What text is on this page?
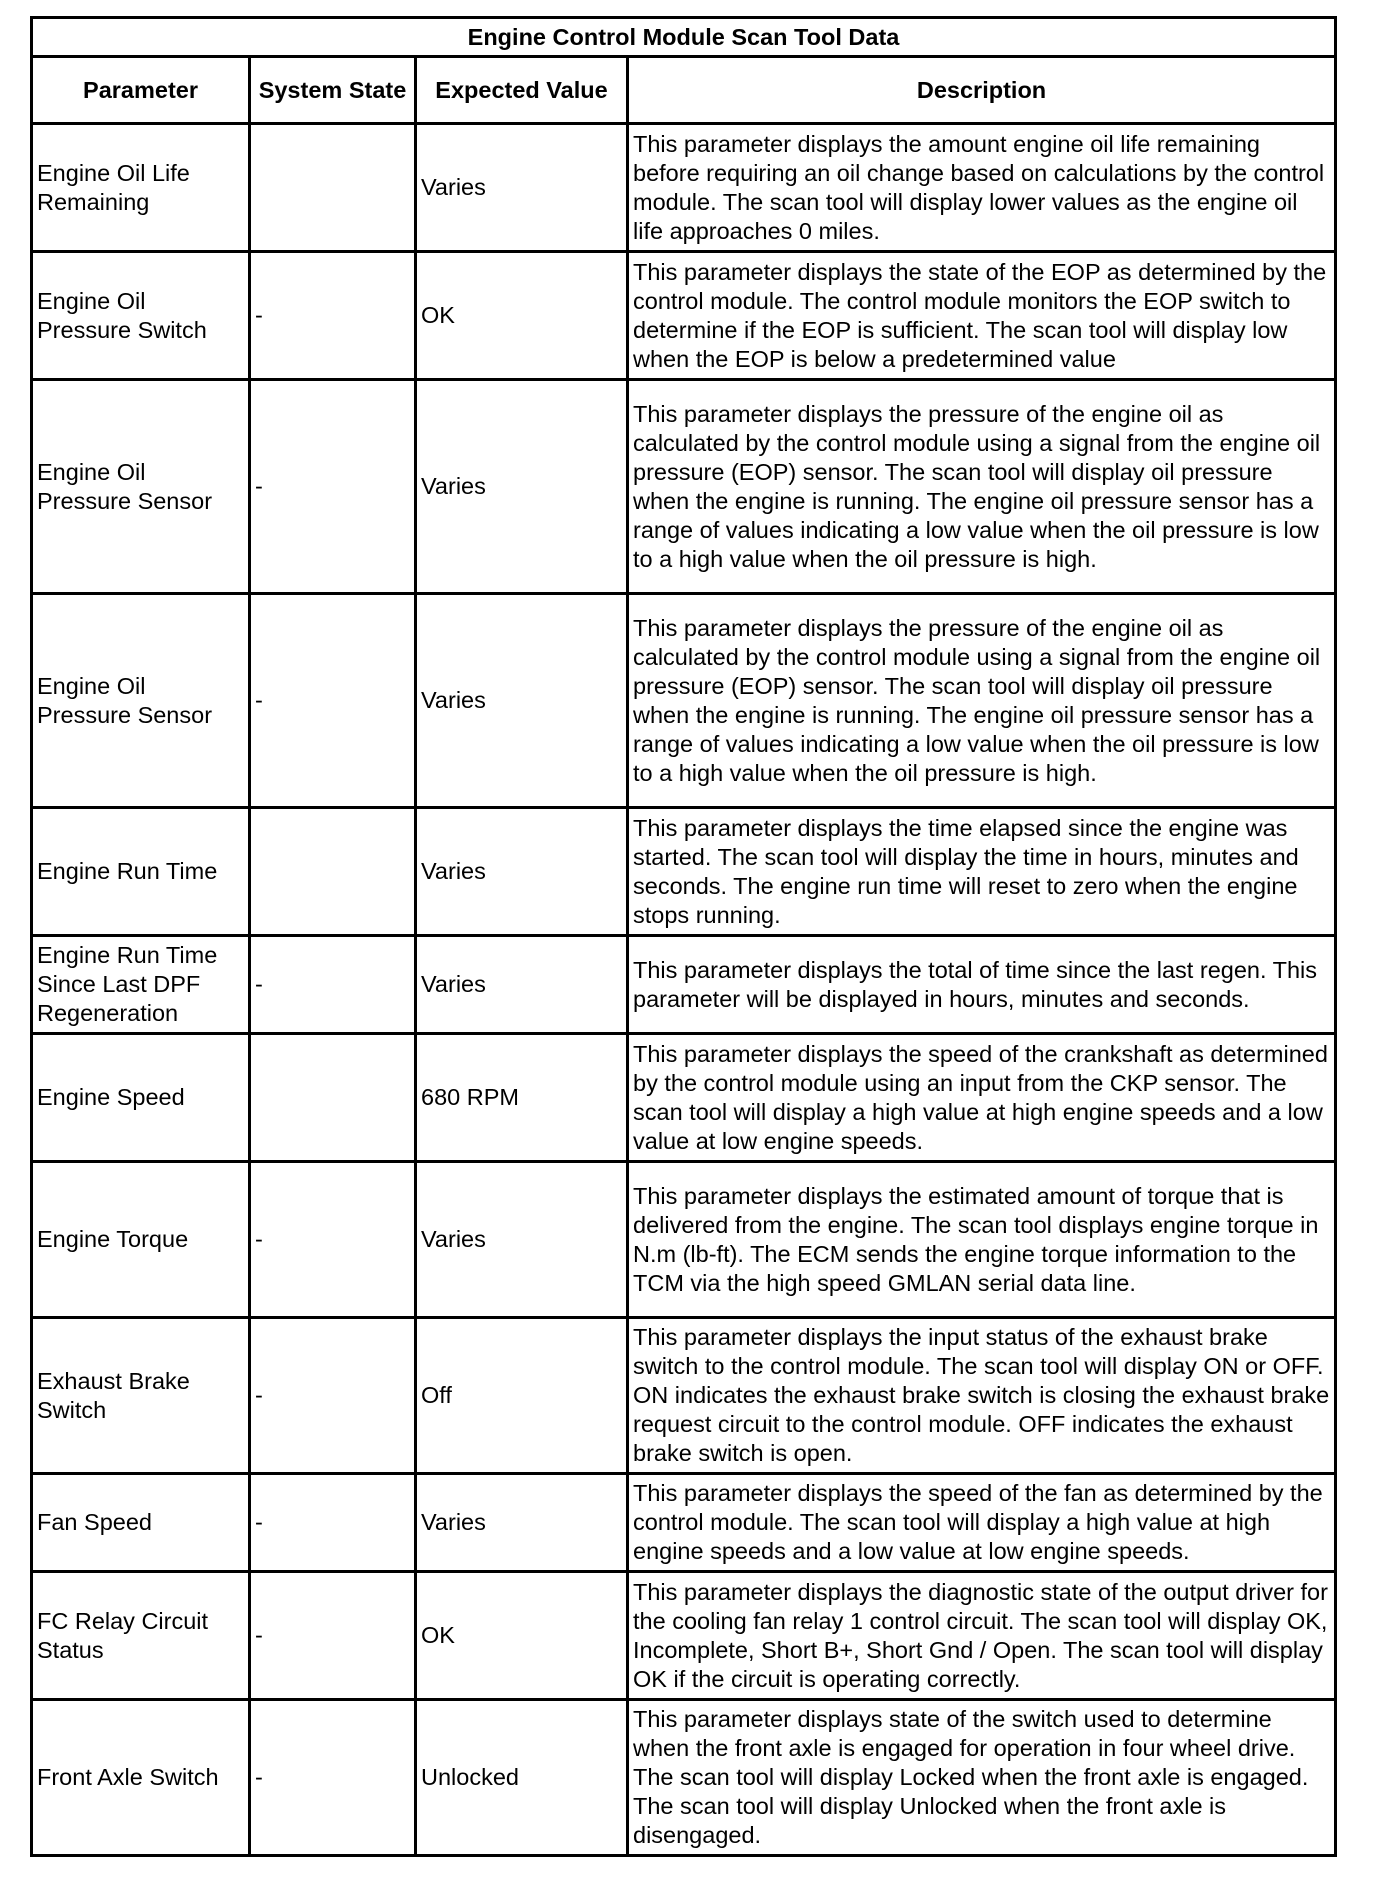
Engine Control Module Scan Tool Data			
Parameter	System State	Expected Value	Description
Engine Oil Life Remaining		Varies	This parameter displays the amount engine oil life remaining before requiring an oil change based on calculations by the control module. The scan tool will display lower values as the engine oil life approaches 0 miles.
Engine Oil Pressure Switch	-	OK	This parameter displays the state of the EOP as determined by the control module. The control module monitors the EOP switch to determine if the EOP is sufficient. The scan tool will display low when the EOP is below a predetermined value
Engine Oil Pressure Sensor	-	Varies	This parameter displays the pressure of the engine oil as calculated by the control module using a signal from the engine oil pressure (EOP) sensor. The scan tool will display oil pressure when the engine is running. The engine oil pressure sensor has a range of values indicating a low value when the oil pressure is low to a high value when the oil pressure is high.
Engine Oil Pressure Sensor	-	Varies	This parameter displays the pressure of the engine oil as calculated by the control module using a signal from the engine oil pressure (EOP) sensor. The scan tool will display oil pressure when the engine is running. The engine oil pressure sensor has a range of values indicating a low value when the oil pressure is low to a high value when the oil pressure is high.
Engine Run Time		Varies	This parameter displays the time elapsed since the engine was started. The scan tool will display the time in hours, minutes and seconds. The engine run time will reset to zero when the engine stops running.
Engine Run Time Since Last DPF Regeneration	-	Varies	This parameter displays the total of time since the last regen. This parameter will be displayed in hours, minutes and seconds.
Engine Speed		680 RPM	This parameter displays the speed of the crankshaft as determined by the control module using an input from the CKP sensor. The scan tool will display a high value at high engine speeds and a low value at low engine speeds.
Engine Torque	-	Varies	This parameter displays the estimated amount of torque that is delivered from the engine. The scan tool displays engine torque in N.m (lb-ft). The ECM sends the engine torque information to the TCM via the high speed GMLAN serial data line.
Exhaust Brake Switch	-	Off	This parameter displays the input status of the exhaust brake switch to the control module. The scan tool will display ON or OFF. ON indicates the exhaust brake switch is closing the exhaust brake request circuit to the control module. OFF indicates the exhaust brake switch is open.
Fan Speed	-	Varies	This parameter displays the speed of the fan as determined by the control module. The scan tool will display a high value at high engine speeds and a low value at low engine speeds.
FC Relay Circuit Status	-	OK	This parameter displays the diagnostic state of the output driver for the cooling fan relay 1 control circuit. The scan tool will display OK, Incomplete, Short B+, Short Gnd / Open. The scan tool will display OK if the circuit is operating correctly.
Front Axle Switch	-	Unlocked	This parameter displays state of the switch used to determine when the front axle is engaged for operation in four wheel drive. The scan tool will display Locked when the front axle is engaged. The scan tool will display Unlocked when the front axle is disengaged.
